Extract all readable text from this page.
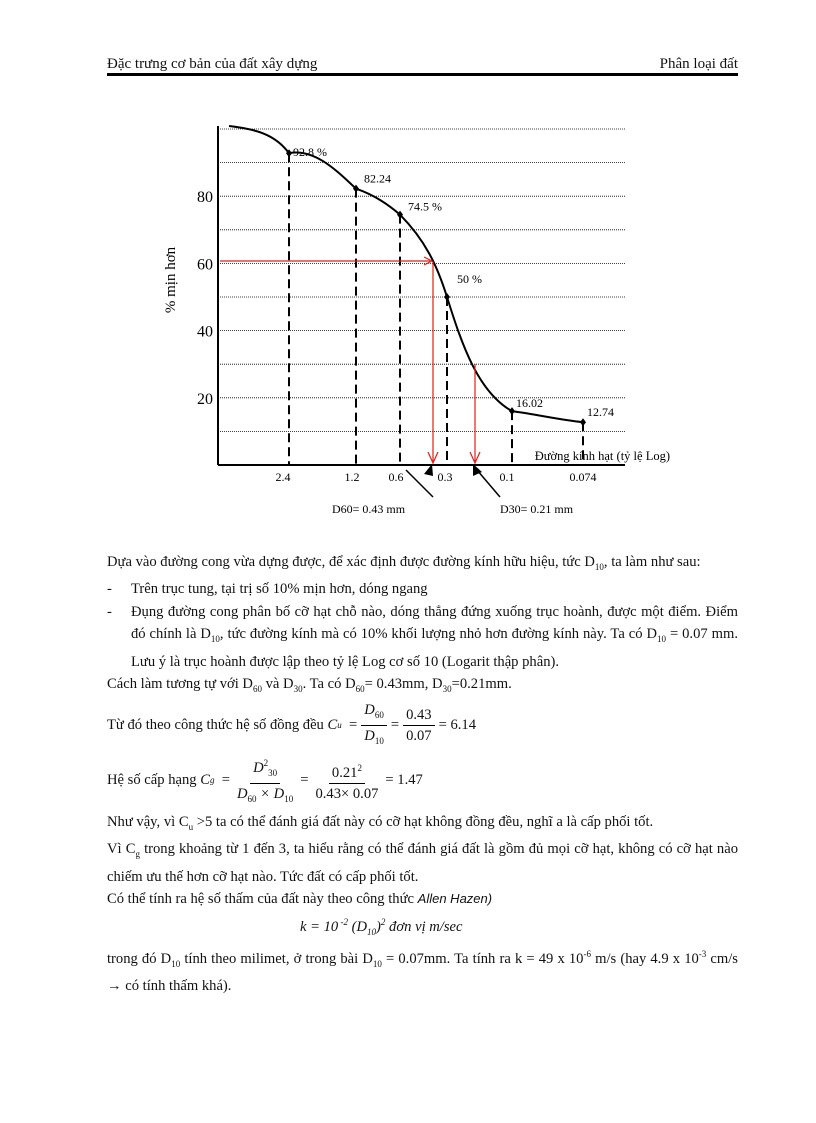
Đặc trưng cơ bản của đất xây dựng	Phân loại đất
20
40
60
80
2.4	1.2 0.6	0.3	0.1	0.074
92.8 %
82.24
74.5 %
50 %
16.02
12.74
% mịn hơn
Đường kính hạt (tỷ lệ Log)
D60= 0.43 mm	D30= 0.21 mm

Dựa vào đường cong vừa dựng được, để xác định được đường kính hữu hiệu, tức $D_{10}$, ta làm như sau:

- Trên trục tung, tại trị số 10% mịn hơn, dóng ngang
- Đụng đường cong phân bố cỡ hạt chỗ nào, dóng thẳng đứng xuống trục hoành, được một điểm. Điểm đó chính là $D_{10}$, tức đường kính mà có 10% khối lượng nhỏ hơn đường kính này. Ta có $D_{10} = 0.07$ mm. Lưu ý là trục hoành được lập theo tỷ lệ Log cơ số 10 (Logarit thập phân).

Cách làm tương tự với $D_{60}$ và $D_{30}$. Ta có $D_{60}= 0.43mm$, $D_{30}=0.21mm$.

Từ đó theo công thức hệ số đồng đều
C $u = \frac{D_{60}}{D_{10}} = \frac{0.43}{0.07} = 6.14$
Hệ số cấp hạng
C $g = \frac{D^2_{30}}{D_{60} \times D_{10}} = \frac{0.21^2}{0.43\times 0.07} = 1.47$

Như vậy, vì $C_u >5$ ta có thể đánh giá đất này có cỡ hạt không đồng đều, nghĩ a là cấp phối tốt.

Vì $C_g$ trong khoảng từ 1 đến 3, ta hiểu rằng có thể đánh giá đất là gồm đủ mọi cỡ hạt, không có cỡ hạt nào chiếm ưu thế hơn cỡ hạt nào. Tức đất có cấp phối tốt.

Có thể tính ra hệ số thấm của đất này theo công thức Allen Hazen)

k = 10 $^{-2}$ $(D_{10})^2$ đơn vị m/sec

trong đó $D_{10}$ tính theo milimet, ở trong bài $D_{10} = 0.07mm$. Ta tính ra k = 49 x $10^{-6}$ m/s (hay 4.9 x $10^{-3}$ cm/s → có tính thấm khá).
